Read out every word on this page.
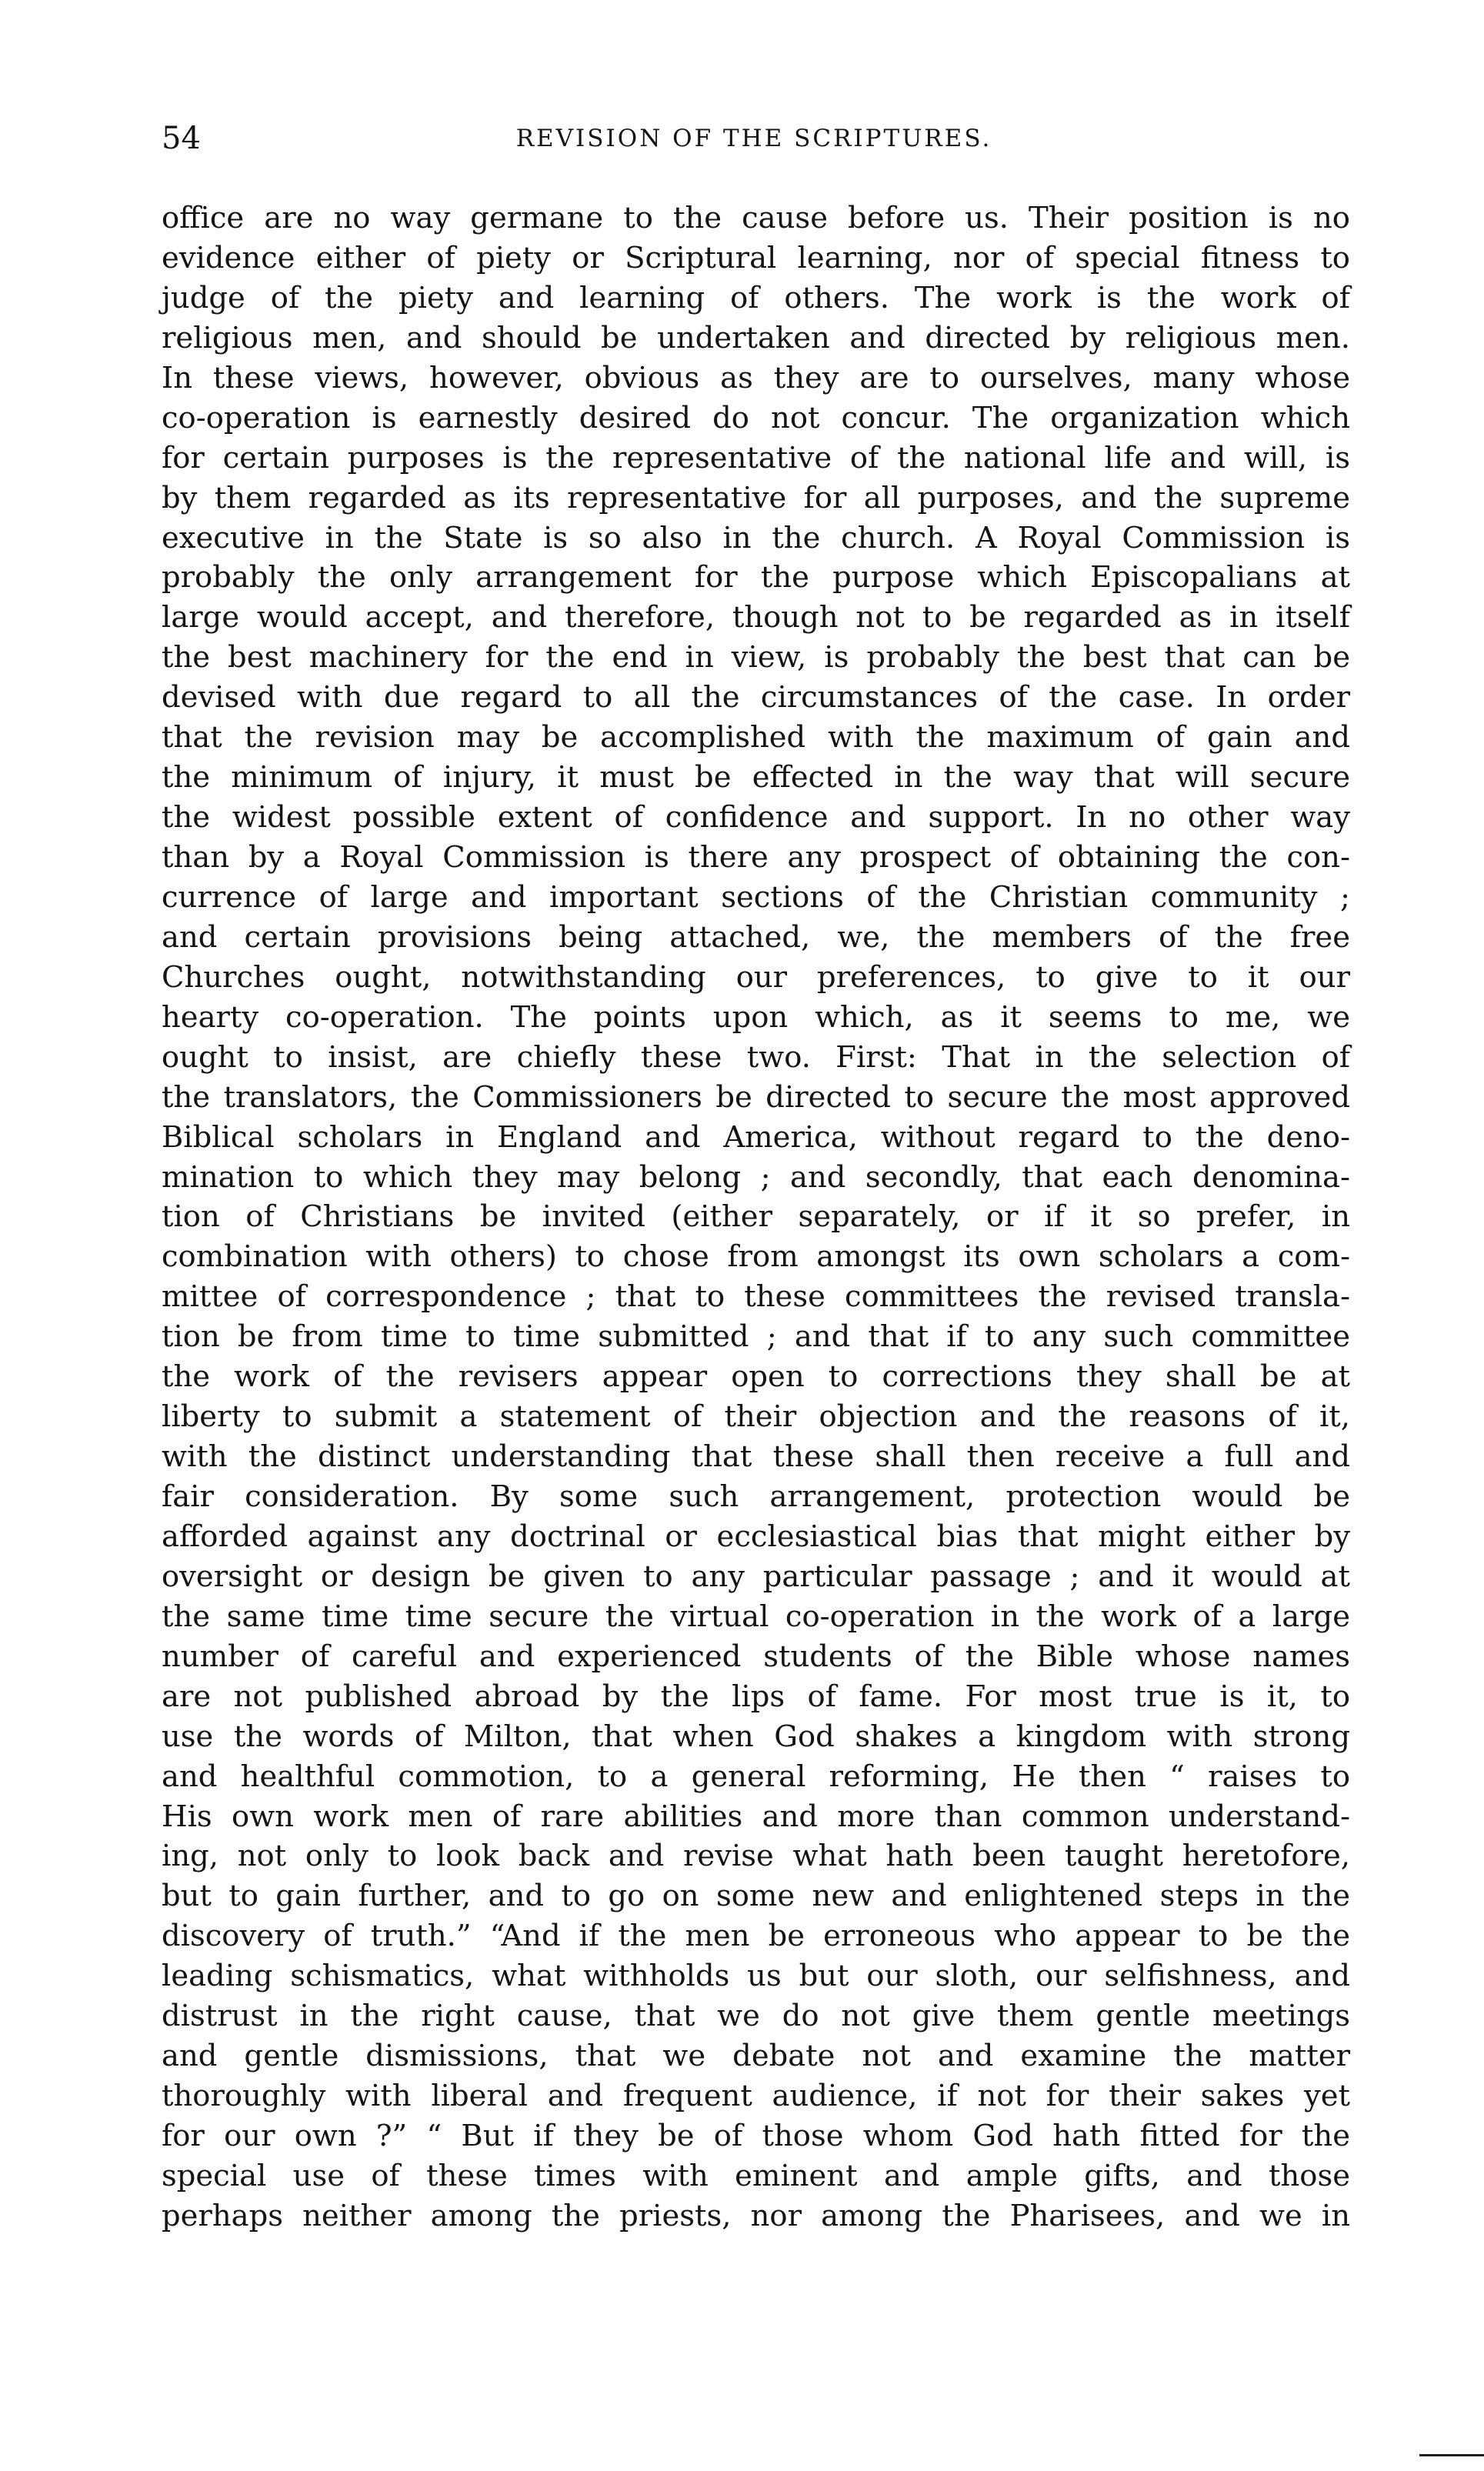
54	REVISION OF THE SCRIPTURES.
office are no way germane to the cause before us. Their position is no
evidence either of piety or Scriptural learning, nor of special fitness to
judge of the piety and learning of others. The work is the work of
religious men, and should be undertaken and directed by religious men.
In these views, however, obvious as they are to ourselves, many whose
co-operation is earnestly desired do not concur. The organization which
for certain purposes is the representative of the national life and will, is
by them regarded as its representative for all purposes, and the supreme
executive in the State is so also in the church. A Royal Commission is
probably the only arrangement for the purpose which Episcopalians at
large would accept, and therefore, though not to be regarded as in itself
the best machinery for the end in view, is probably the best that can be
devised with due regard to all the circumstances of the case. In order
that the revision may be accomplished with the maximum of gain and
the minimum of injury, it must be effected in the way that will secure
the widest possible extent of confidence and support. In no other way
than by a Royal Commission is there any prospect of obtaining the con-
currence of large and important sections of the Christian community ;
and certain provisions being attached, we, the members of the free
Churches ought, notwithstanding our preferences, to give to it our
hearty co-operation. The points upon which, as it seems to me, we
ought to insist, are chiefly these two. First: That in the selection of
the translators, the Commissioners be directed to secure the most approved
Biblical scholars in England and America, without regard to the deno-
mination to which they may belong ; and secondly, that each denomina-
tion of Christians be invited (either separately, or if it so prefer, in
combination with others) to chose from amongst its own scholars a com-
mittee of correspondence ; that to these committees the revised transla-
tion be from time to time submitted ; and that if to any such committee
the work of the revisers appear open to corrections they shall be at
liberty to submit a statement of their objection and the reasons of it,
with the distinct understanding that these shall then receive a full and
fair consideration. By some such arrangement, protection would be
afforded against any doctrinal or ecclesiastical bias that might either by
oversight or design be given to any particular passage ; and it would at
the same time time secure the virtual co-operation in the work of a large
number of careful and experienced students of the Bible whose names
are not published abroad by the lips of fame. For most true is it, to
use the words of Milton, that when God shakes a kingdom with strong
and healthful commotion, to a general reforming, He then “ raises to
His own work men of rare abilities and more than common understand-
ing, not only to look back and revise what hath been taught heretofore,
but to gain further, and to go on some new and enlightened steps in the
discovery of truth.” “And if the men be erroneous who appear to be the
leading schismatics, what withholds us but our sloth, our selfishness, and
distrust in the right cause, that we do not give them gentle meetings
and gentle dismissions, that we debate not and examine the matter
thoroughly with liberal and frequent audience, if not for their sakes yet
for our own ?” “ But if they be of those whom God hath fitted for the
special use of these times with eminent and ample gifts, and those
perhaps neither among the priests, nor among the Pharisees, and we in
